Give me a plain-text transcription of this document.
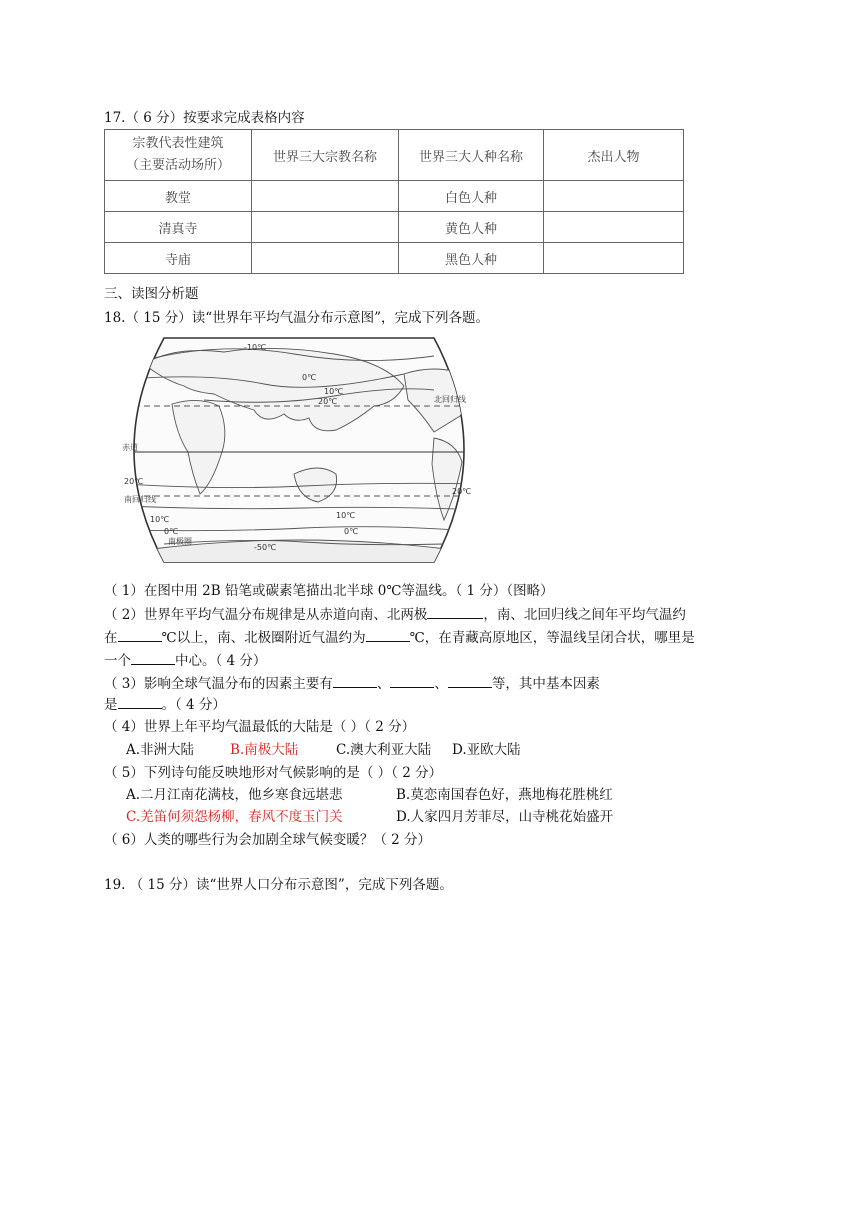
17.（ 6 分）按要求完成表格内容
宗教代表性建筑
（主要活动场所）	世界三大宗教名称	世界三大人种名称	杰出人物
教堂		白色人种	
清真寺		黄色人种	
寺庙		黑色人种	
三、读图分析题
18.（ 15 分）读“世界年平均气温分布示意图”，完成下列各题。
-10℃
0℃
10℃
20℃	北回归线
赤道
20℃
20℃
南回归线
10℃	10℃
0℃	0℃
南极圈
-50℃
（ 1）在图中用 2B 铅笔或碳素笔描出北半球 0℃等温线。（ 1 分）（图略）
（ 2）世界年平均气温分布规律是从赤道向南、北两极	，南、北回归线之间年平均气温约
在	℃以上，南、北极圈附近气温约为	℃，在青藏高原地区，等温线呈闭合状，哪里是
一个	中心。（ 4 分）
（ 3）影响全球气温分布的因素主要有	、	、	等，其中基本因素
是	。（ 4 分）
（ 4）世界上年平均气温最低的大陆是（ ）（ 2 分）
A.非洲大陆	B.南极大陆	C.澳大利亚大陆 D.亚欧大陆
（ 5）下列诗句能反映地形对气候影响的是（ ）（ 2 分）
A.二月江南花满枝，他乡寒食远堪悲	B.莫恋南国春色好，燕地梅花胜桃红
C.羌笛何须怨杨柳，春风不度玉门关	D.人家四月芳菲尽，山寺桃花始盛开
（ 6）人类的哪些行为会加剧全球气候变暖？（ 2 分）
19. （ 15 分）读“世界人口分布示意图”，完成下列各题。
